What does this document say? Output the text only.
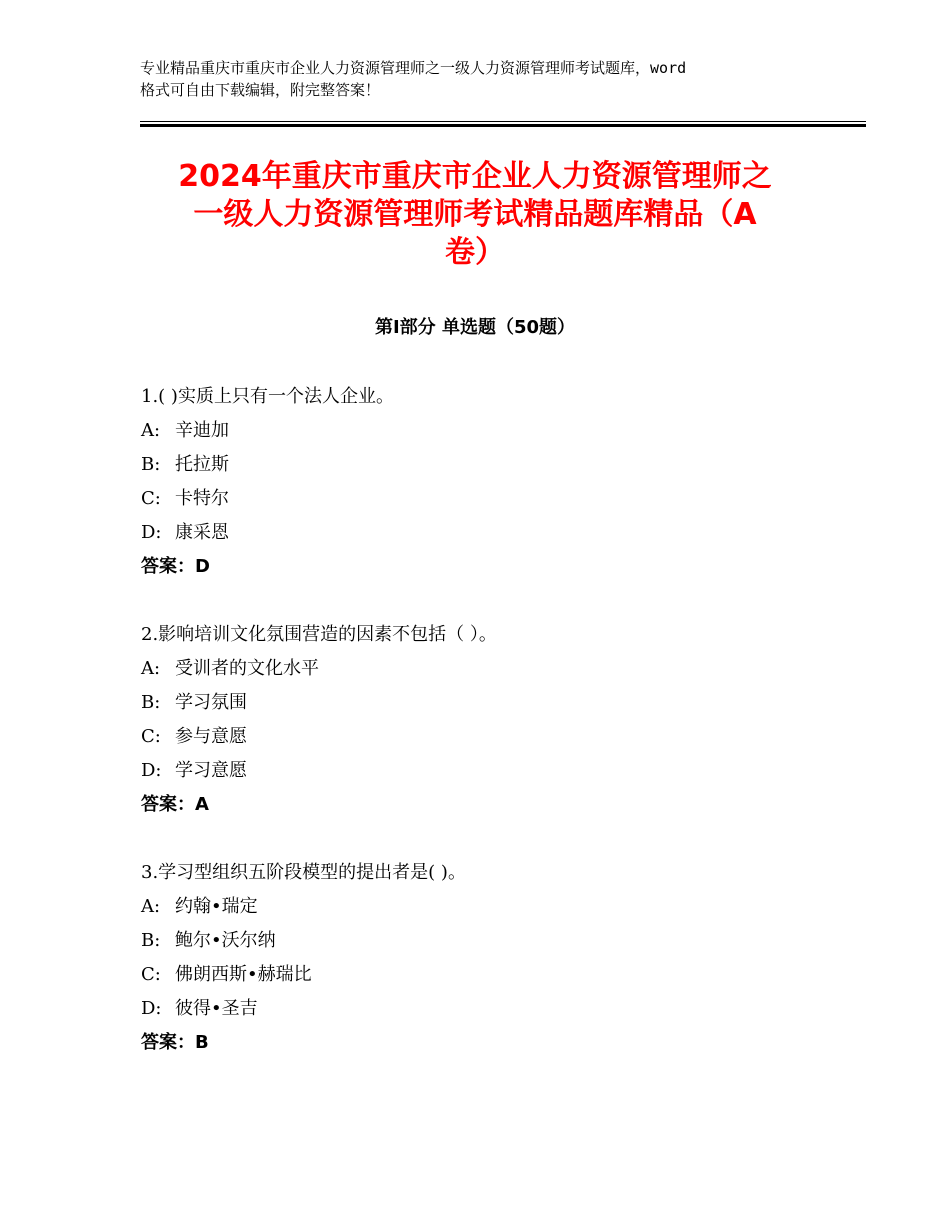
专业精品重庆市重庆市企业人力资源管理师之一级人力资源管理师考试题库，word
格式可自由下载编辑，附完整答案！
2024年重庆市重庆市企业人力资源管理师之
一级人力资源管理师考试精品题库精品（A
卷）
第Ⅰ部分 单选题（50题）
1.( )实质上只有一个法人企业。
A: 辛迪加
B: 托拉斯
C: 卡特尔
D: 康采恩
答案：D
2.影响培训文化氛围营造的因素不包括（ ）。
A: 受训者的文化水平
B: 学习氛围
C: 参与意愿
D: 学习意愿
答案：A
3.学习型组织五阶段模型的提出者是( )。
A: 约翰•瑞定
B: 鲍尔•沃尔纳
C: 佛朗西斯•赫瑞比
D: 彼得•圣吉
答案：B
